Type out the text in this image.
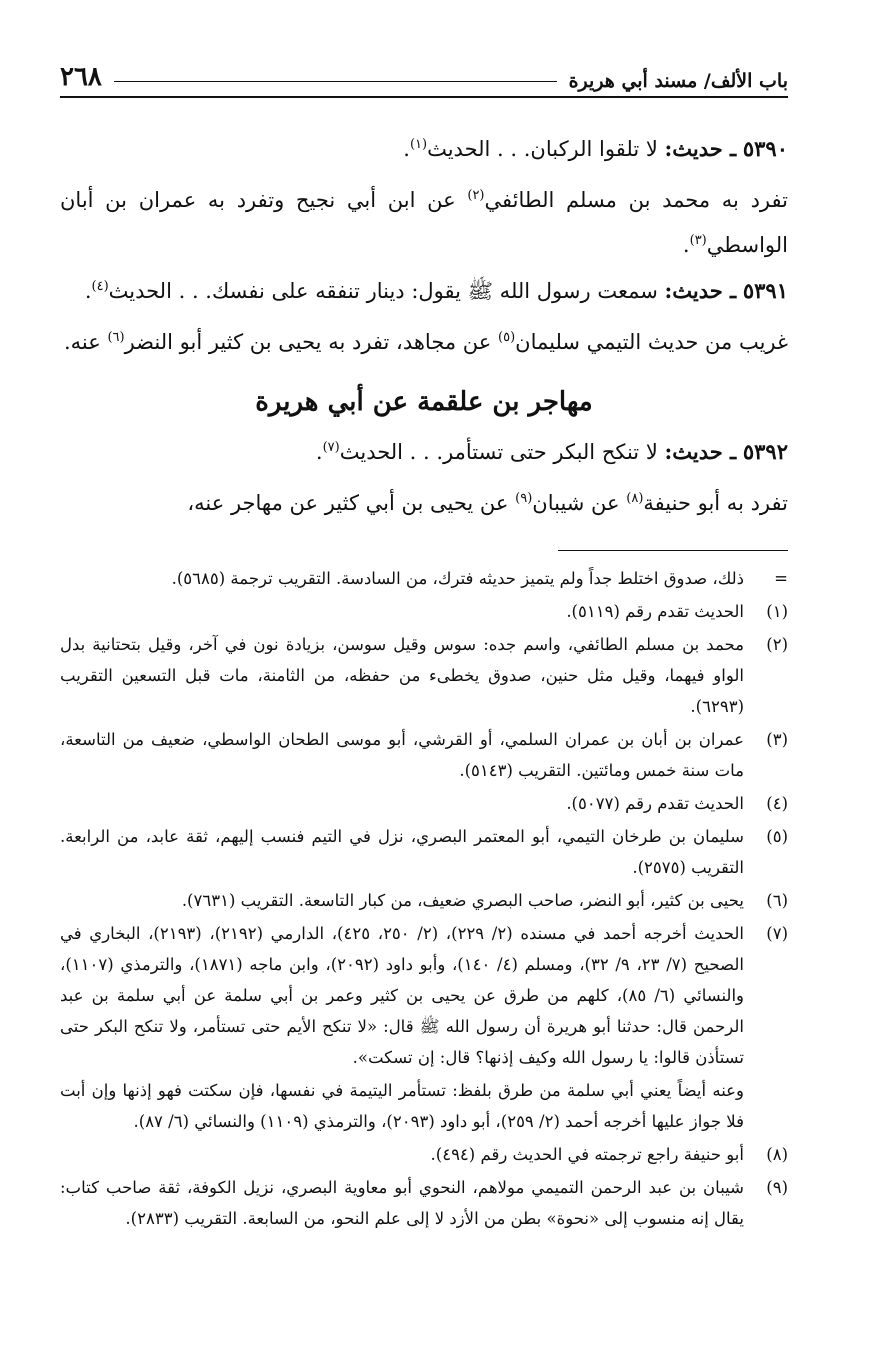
باب الألف/ مسند أبي هريرة
٢٦٨

٥٣٩٠ ـ حديث: لا تلقوا الركبان. . . الحديث$^{(١)}$.

تفرد به محمد بن مسلم الطائفي$^{(٢)}$ عن ابن أبي نجيح وتفرد به عمران بن أبان الواسطي$^{(٣)}$.

٥٣٩١ ـ حديث: سمعت رسول الله ﷺ يقول: دينار تنفقه على نفسك. . . الحديث$^{(٤)}$.

غريب من حديث التيمي سليمان$^{(٥)}$ عن مجاهد، تفرد به يحيى بن كثير أبو النضر$^{(٦)}$ عنه.

مهاجر بن علقمة عن أبي هريرة

٥٣٩٢ ـ حديث: لا تنكح البكر حتى تستأمر. . . الحديث$^{(٧)}$.

تفرد به أبو حنيفة$^{(٨)}$ عن شيبان$^{(٩)}$ عن يحيى بن أبي كثير عن مهاجر عنه،

=
ذلك، صدوق اختلط جداً ولم يتميز حديثه فترك، من السادسة. التقريب ترجمة (٥٦٨٥).
(١)
الحديث تقدم رقم (٥١١٩).
(٢)
محمد بن مسلم الطائفي، واسم جده: سوس وقيل سوسن، بزيادة نون في آخر، وقيل بتحتانية بدل الواو فيهما، وقيل مثل حنين، صدوق يخطىء من حفظه، من الثامنة، مات قبل التسعين التقريب (٦٢٩٣).
(٣)
عمران بن أبان بن عمران السلمي، أو القرشي، أبو موسى الطحان الواسطي، ضعيف من التاسعة، مات سنة خمس ومائتين. التقريب (٥١٤٣).
(٤)
الحديث تقدم رقم (٥٠٧٧).
(٥)
سليمان بن طرخان التيمي، أبو المعتمر البصري، نزل في التيم فنسب إليهم، ثقة عابد، من الرابعة. التقريب (٢٥٧٥).
(٦)
يحيى بن كثير، أبو النضر، صاحب البصري ضعيف، من كبار التاسعة. التقريب (٧٦٣١).
(٧)
الحديث أخرجه أحمد في مسنده (٢/ ٢٢٩)، (٢/ ٢٥٠، ٤٢٥)، الدارمي (٢١٩٢)، (٢١٩٣)، البخاري في الصحيح (٧/ ٢٣، ٩/ ٣٢)، ومسلم (٤/ ١٤٠)، وأبو داود (٢٠٩٢)، وابن ماجه (١٨٧١)، والترمذي (١١٠٧)، والنسائي (٦/ ٨٥)، كلهم من طرق عن يحيى بن كثير وعمر بن أبي سلمة عن أبي سلمة بن عبد الرحمن قال: حدثنا أبو هريرة أن رسول الله ﷺ قال: «لا تنكح الأيم حتى تستأمر، ولا تنكح البكر حتى تستأذن قالوا: يا رسول الله وكيف إذنها؟ قال: إن تسكت».
وعنه أيضاً يعني أبي سلمة من طرق بلفظ: تستأمر اليتيمة في نفسها، فإن سكتت فهو إذنها وإن أبت فلا جواز عليها أخرجه أحمد (٢/ ٢٥٩)، أبو داود (٢٠٩٣)، والترمذي (١١٠٩) والنسائي (٦/ ٨٧).
(٨)
أبو حنيفة راجع ترجمته في الحديث رقم (٤٩٤).
(٩)
شيبان بن عبد الرحمن التميمي مولاهم، النحوي أبو معاوية البصري، نزيل الكوفة، ثقة صاحب كتاب: يقال إنه منسوب إلى «نحوة» بطن من الأزد لا إلى علم النحو، من السابعة. التقريب (٢٨٣٣).
